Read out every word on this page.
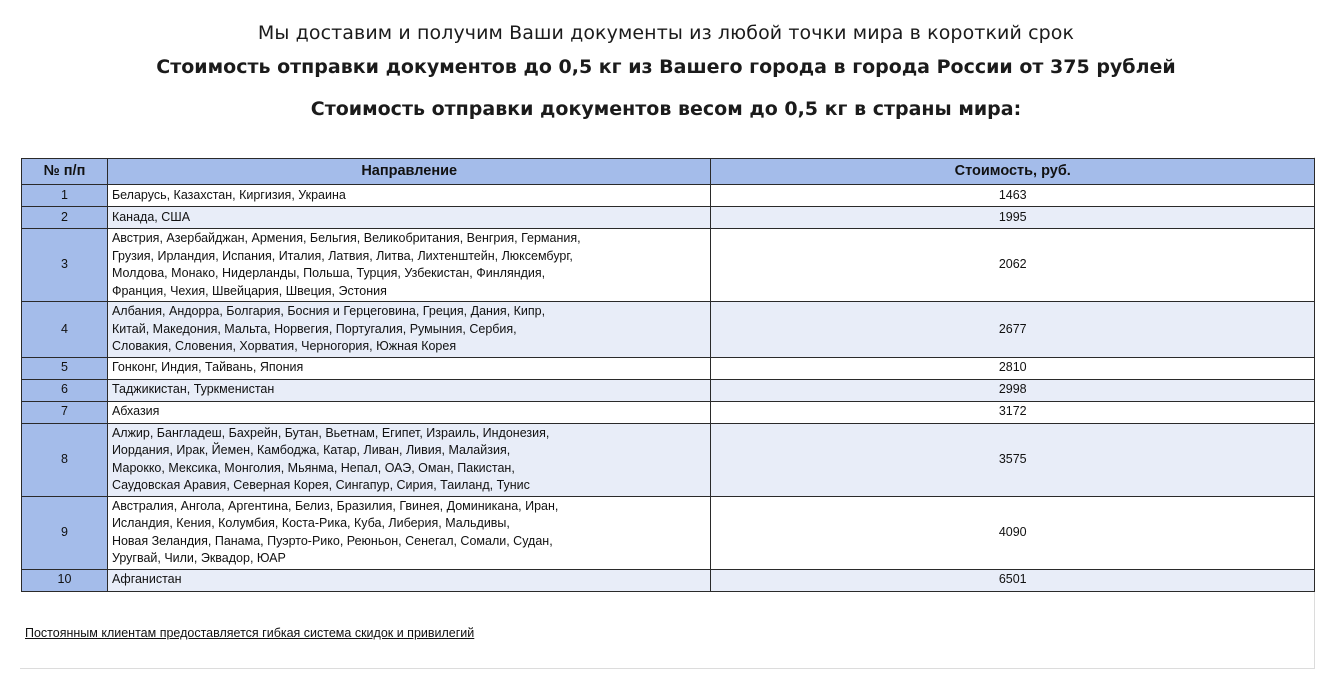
Мы доставим и получим Ваши документы из любой точки мира в короткий срок
Стоимость отправки документов до 0,5 кг из Вашего города в города России от 375 рублей
Стоимость отправки документов весом до 0,5 кг в страны мира:
№ п/п	Направление	Стоимость, руб.
1	Беларусь, Казахстан, Киргизия, Украина	1463
2	Канада, США	1995
3	Австрия, Азербайджан, Армения, Бельгия, Великобритания, Венгрия, Германия,
Грузия, Ирландия, Испания, Италия, Латвия, Литва, Лихтенштейн, Люксембург,
Молдова, Монако, Нидерланды, Польша, Турция, Узбекистан, Финляндия,
Франция, Чехия, Швейцария, Швеция, Эстония	2062
4	Албания, Андорра, Болгария, Босния и Герцеговина, Греция, Дания, Кипр,
Китай, Македония, Мальта, Норвегия, Португалия, Румыния, Сербия,
Словакия, Словения, Хорватия, Черногория, Южная Корея	2677
5	Гонконг, Индия, Тайвань, Япония	2810
6	Таджикистан, Туркменистан	2998
7	Абхазия	3172
8	Алжир, Бангладеш, Бахрейн, Бутан, Вьетнам, Египет, Израиль, Индонезия,
Иордания, Ирак, Йемен, Камбоджа, Катар, Ливан, Ливия, Малайзия,
Марокко, Мексика, Монголия, Мьянма, Непал, ОАЭ, Оман, Пакистан,
Саудовская Аравия, Северная Корея, Сингапур, Сирия, Таиланд, Тунис	3575
9	Австралия, Ангола, Аргентина, Белиз, Бразилия, Гвинея, Доминикана, Иран,
Исландия, Кения, Колумбия, Коста-Рика, Куба, Либерия, Мальдивы,
Новая Зеландия, Панама, Пуэрто-Рико, Реюньон, Сенегал, Сомали, Судан,
Уругвай, Чили, Эквадор, ЮАР	4090
10	Афганистан	6501
Постоянным клиентам предоставляется гибкая система скидок и привилегий
